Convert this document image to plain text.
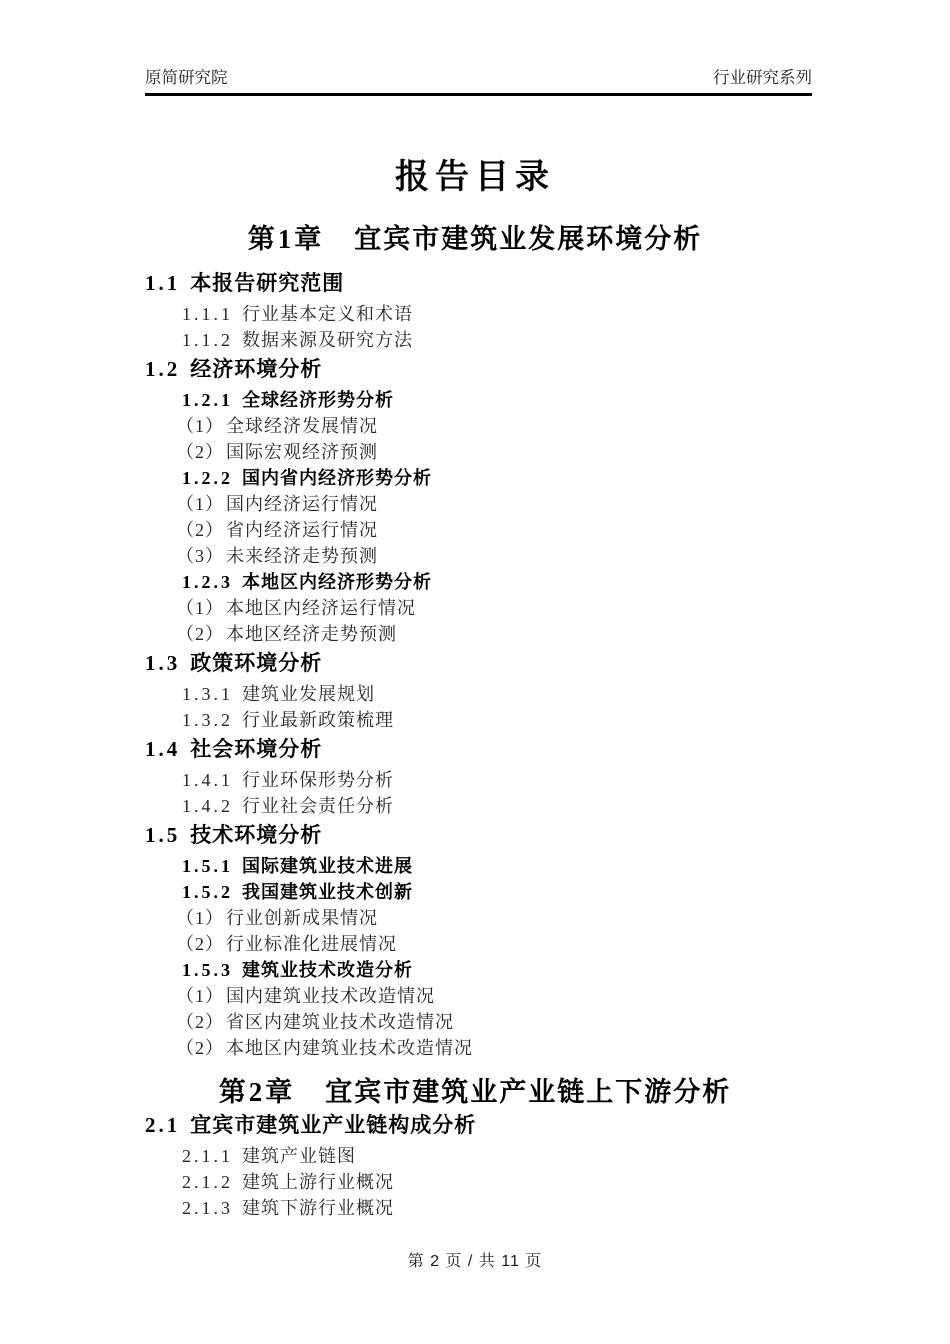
原简研究院	行业研究系列
报告目录
第1章 宜宾市建筑业发展环境分析
1.1 本报告研究范围
1.1.1 行业基本定义和术语
1.1.2 数据来源及研究方法
1.2 经济环境分析
1.2.1 全球经济形势分析
（1） 全球经济发展情况
（2） 国际宏观经济预测
1.2.2 国内省内经济形势分析
（1） 国内经济运行情况
（2） 省内经济运行情况
（3） 未来经济走势预测
1.2.3 本地区内经济形势分析
（1） 本地区内经济运行情况
（2） 本地区经济走势预测
1.3 政策环境分析
1.3.1 建筑业发展规划
1.3.2 行业最新政策梳理
1.4 社会环境分析
1.4.1 行业环保形势分析
1.4.2 行业社会责任分析
1.5 技术环境分析
1.5.1 国际建筑业技术进展
1.5.2 我国建筑业技术创新
（1） 行业创新成果情况
（2） 行业标准化进展情况
1.5.3 建筑业技术改造分析
（1） 国内建筑业技术改造情况
（2） 省区内建筑业技术改造情况
（2） 本地区内建筑业技术改造情况
第2章 宜宾市建筑业产业链上下游分析
2.1 宜宾市建筑业产业链构成分析
2.1.1 建筑产业链图
2.1.2 建筑上游行业概况
2.1.3 建筑下游行业概况
第 2 页 / 共 11 页
